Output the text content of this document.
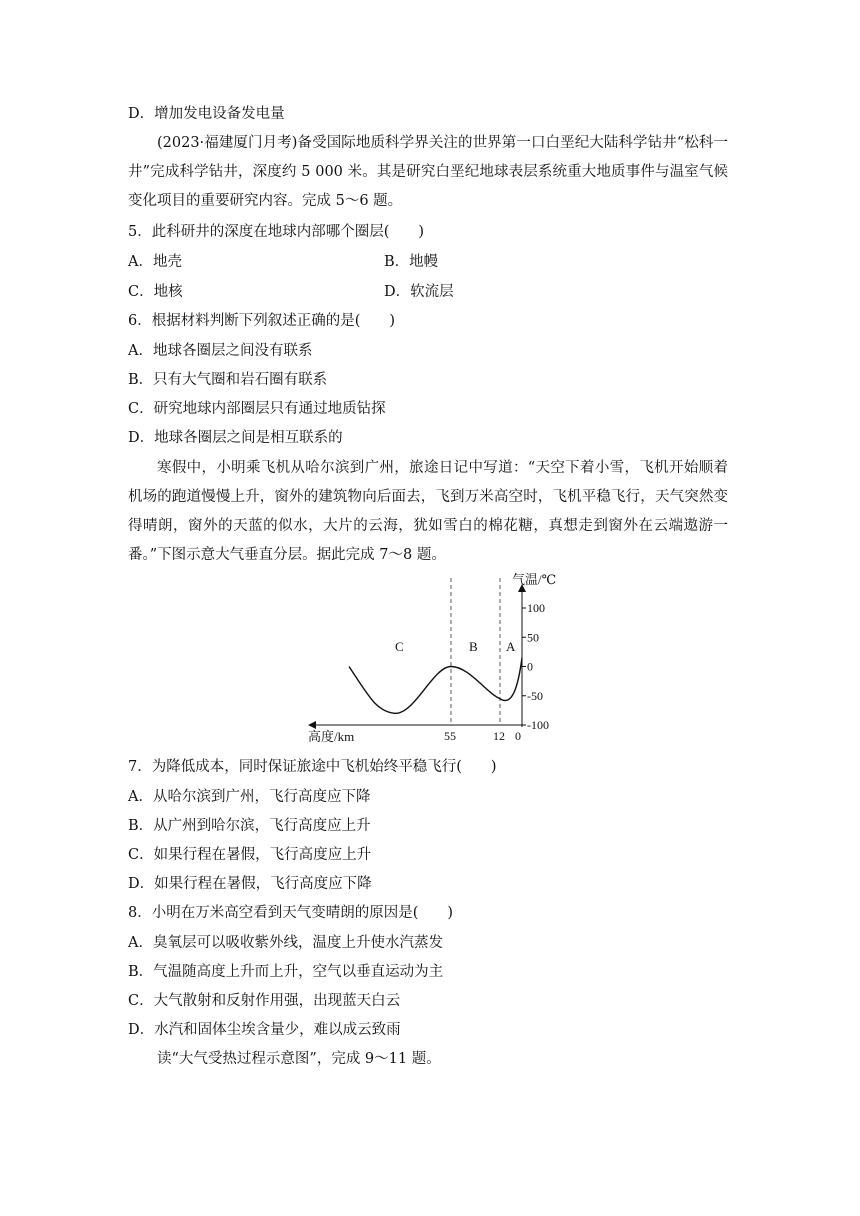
D．增加发电设备发电量
(2023·福建厦门月考)备受国际地质科学界关注的世界第一口白垩纪大陆科学钻井“松科一井”完成科学钻井，深度约 5 000 米。其是研究白垩纪地球表层系统重大地质事件与温室气候变化项目的重要研究内容。完成 5～6 题。
5．此科研井的深度在地球内部哪个圈层(　　)
A．地壳	B．地幔
C．地核	D．软流层
6．根据材料判断下列叙述正确的是(　　)
A．地球各圈层之间没有联系
B．只有大气圈和岩石圈有联系
C．研究地球内部圈层只有通过地质钻探
D．地球各圈层之间是相互联系的
寒假中，小明乘飞机从哈尔滨到广州，旅途日记中写道：“天空下着小雪，飞机开始顺着机场的跑道慢慢上升，窗外的建筑物向后面去，飞到万米高空时，飞机平稳飞行，天气突然变得晴朗，窗外的天蓝的似水，大片的云海，犹如雪白的棉花糖，真想走到窗外在云端遨游一番。”下图示意大气垂直分层。据此完成 7～8 题。
100
50
0
-50
-100
气温/℃
55	12 0
高度/km
C	B A
7．为降低成本，同时保证旅途中飞机始终平稳飞行(　　)
A．从哈尔滨到广州，飞行高度应下降
B．从广州到哈尔滨，飞行高度应上升
C．如果行程在暑假，飞行高度应上升
D．如果行程在暑假，飞行高度应下降
8．小明在万米高空看到天气变晴朗的原因是(　　)
A．臭氧层可以吸收紫外线，温度上升使水汽蒸发
B．气温随高度上升而上升，空气以垂直运动为主
C．大气散射和反射作用强，出现蓝天白云
D．水汽和固体尘埃含量少，难以成云致雨
读“大气受热过程示意图”，完成 9～11 题。
